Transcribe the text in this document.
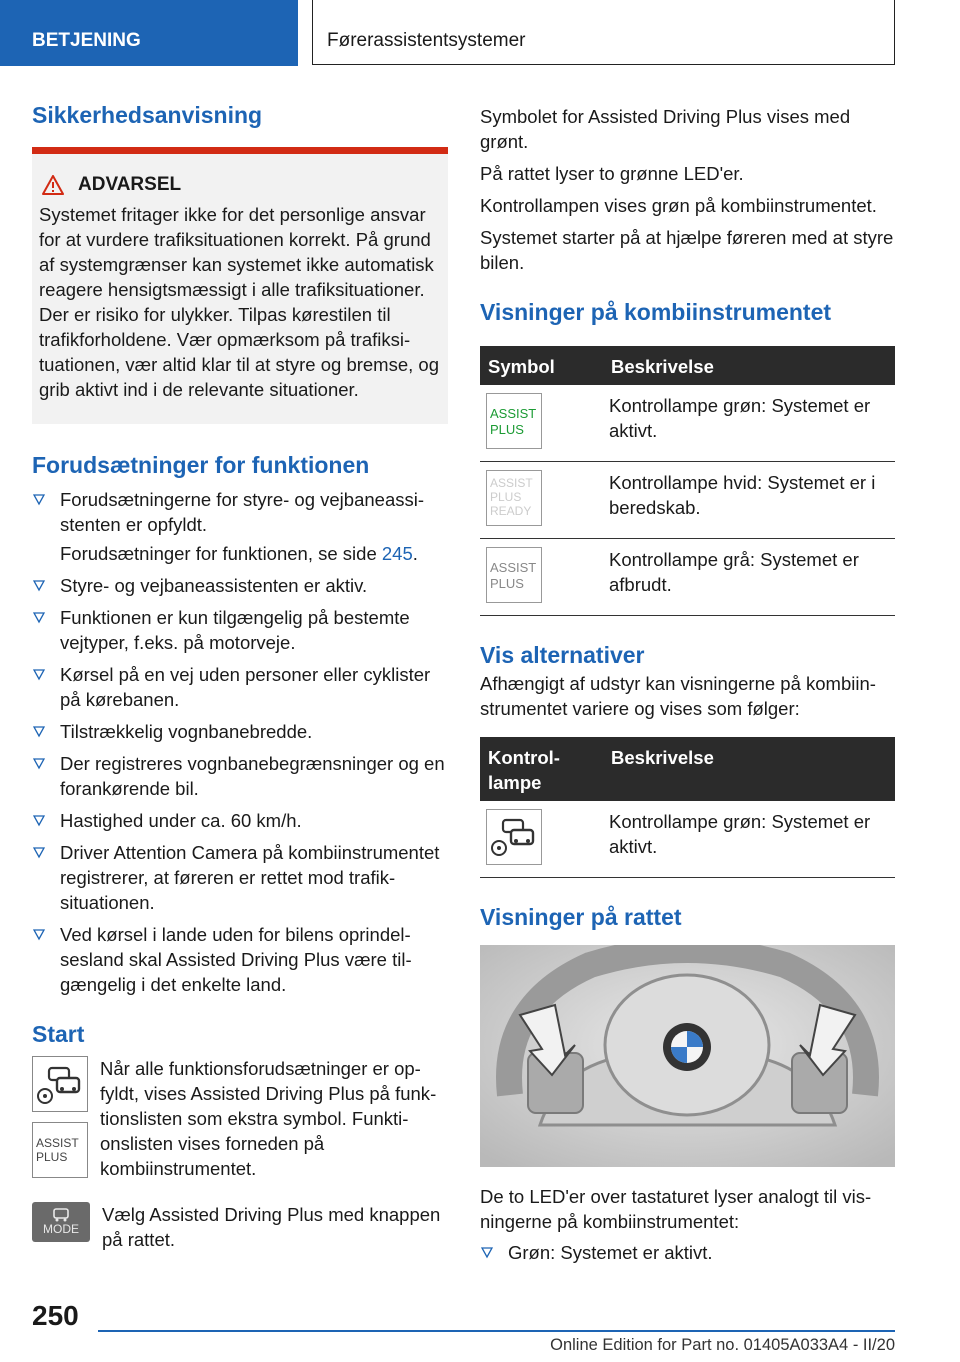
BETJENING	Førerassistentsystemer
Sikkerhedsanvisning
ADVARSEL

Systemet fritager ikke for det personlige ansvar for at vurdere trafiksituationen korrekt. På grund af systemgrænser kan systemet ikke automatisk reagere hensigtsmæssigt i alle trafiksituationer. Der er risiko for ulykker. Tilpas kørestilen til trafikforholdene. Vær opmærksom på trafiksituationen, vær altid klar til at styre og bremse, og grib aktivt ind i de relevante situationer.

Forudsætninger for funktionen
Forudsætningerne for styre- og vejbaneassistenten er opfyldt.

Forudsætninger for funktionen, se side 245.

Styre- og vejbaneassistenten er aktiv.
Funktionen er kun tilgængelig på bestemte vejtyper, f.eks. på motorveje.
Kørsel på en vej uden personer eller cyklister på kørebanen.
Tilstrækkelig vognbanebredde.
Der registreres vognbanebegrænsninger og en forankørende bil.
Hastighed under ca. 60 km/h.
Driver Attention Camera på kombiinstrumentet registrerer, at føreren er rettet mod trafiksituationen.
Ved kørsel i lande uden for bilens oprindelsesland skal Assisted Driving Plus være tilgængelig i det enkelte land.
Start
ASSIST
PLUS

Når alle funktionsforudsætninger er opfyldt, vises Assisted Driving Plus på funktionslisten som ekstra symbol. Funktionslisten vises forneden på kombiinstrumentet.

MODE

Vælg Assisted Driving Plus med knappen på rattet.

Symbolet for Assisted Driving Plus vises med grønt.

På rattet lyser to grønne LED'er.

Kontrollampen vises grøn på kombiinstrumentet.

Systemet starter på at hjælpe føreren med at styre bilen.

Visninger på kombiinstrumentet
Symbol	Beskrivelse

ASSIST
PLUS	Kontrollampe grøn: Systemet er aktivt.

ASSIST
PLUS
READY	Kontrollampe hvid: Systemet er i beredskab.

ASSIST
PLUS	Kontrollampe grå: Systemet er afbrudt.
Vis alternativer

Afhængigt af udstyr kan visningerne på kombiinstrumentet variere og vises som følger:

Kontrollampe	Beskrivelse

	Kontrollampe grøn: Systemet er aktivt.
Visninger på rattet

De to LED'er over tastaturet lyser analogt til visningerne på kombiinstrumentet:

Grøn: Systemet er aktivt.
250
Online Edition for Part no. 01405A033A4 - II/20
